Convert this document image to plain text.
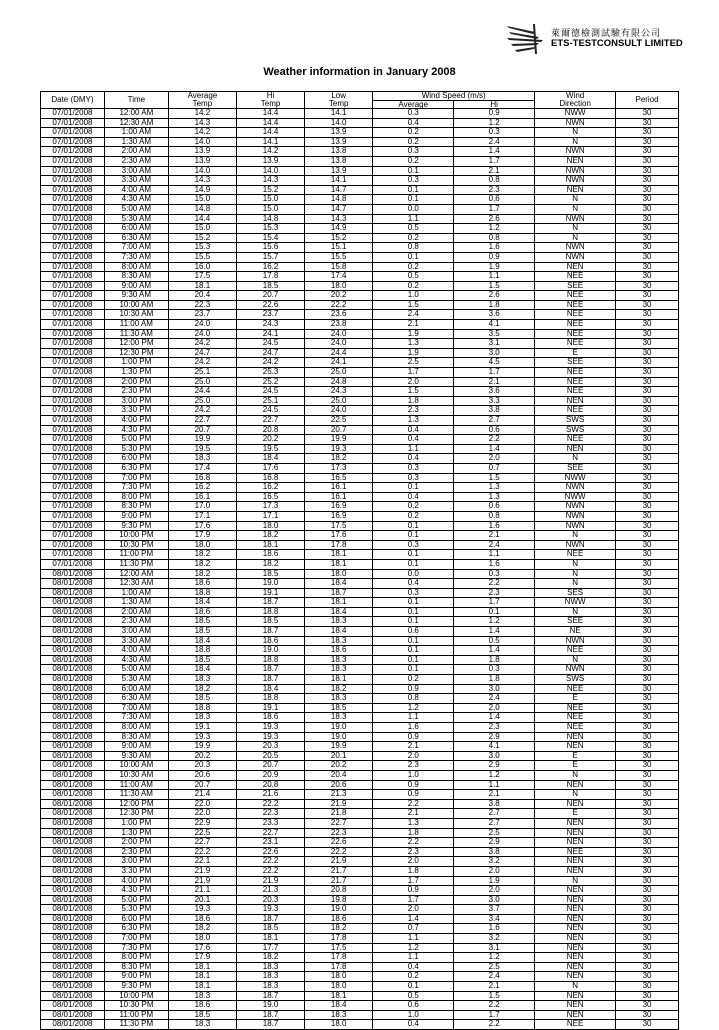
萊爾德檢測試驗有限公司
ETS-TESTCONSULT LIMITED
Weather information in January 2008
Date (DMY)	Time	Average	Hi	Low	Wind Speed (m/s)		Wind	Period
		Temp	Temp	Temp	Average	Hi	Direction	
07/01/2008	12:00 AM	14.2	14.4	14.1	0.3	0.9	NWW	30
07/01/2008	12:30 AM	14.3	14.4	14.0	0.4	1.2	NWN	30
07/01/2008	1:00 AM	14.2	14.4	13.9	0.2	0.3	N	30
07/01/2008	1:30 AM	14.0	14.1	13.9	0.2	2.4	N	30
07/01/2008	2:00 AM	13.9	14.2	13.8	0.3	1.4	NWN	30
07/01/2008	2:30 AM	13.9	13.9	13.8	0.2	1.7	NEN	30
07/01/2008	3:00 AM	14.0	14.0	13.9	0.1	2.1	NWN	30
07/01/2008	3:30 AM	14.3	14.3	14.1	0.3	0.8	NWN	30
07/01/2008	4:00 AM	14.9	15.2	14.7	0.1	2.3	NEN	30
07/01/2008	4:30 AM	15.0	15.0	14.8	0.1	0.6	N	30
07/01/2008	5:00 AM	14.8	15.0	14.7	0.0	1.7	N	30
07/01/2008	5:30 AM	14.4	14.8	14.3	1.1	2.6	NWN	30
07/01/2008	6:00 AM	15.0	15.3	14.9	0.5	1.2	N	30
07/01/2008	6:30 AM	15.2	15.4	15.2	0.2	0.8	N	30
07/01/2008	7:00 AM	15.3	15.6	15.1	0.8	1.6	NWN	30
07/01/2008	7:30 AM	15.5	15.7	15.5	0.1	0.9	NWN	30
07/01/2008	8:00 AM	16.0	16.2	15.8	0.2	1.9	NEN	30
07/01/2008	8:30 AM	17.5	17.8	17.4	0.5	1.1	NEE	30
07/01/2008	9:00 AM	18.1	18.5	18.0	0.2	1.5	SEE	30
07/01/2008	9:30 AM	20.4	20.7	20.2	1.0	2.6	NEE	30
07/01/2008	10:00 AM	22.3	22.6	22.2	1.5	1.8	NEE	30
07/01/2008	10:30 AM	23.7	23.7	23.6	2.4	3.6	NEE	30
07/01/2008	11:00 AM	24.0	24.3	23.8	2.1	4.1	NEE	30
07/01/2008	11:30 AM	24.0	24.1	24.0	1.9	3.5	NEE	30
07/01/2008	12:00 PM	24.2	24.5	24.0	1.3	3.1	NEE	30
07/01/2008	12:30 PM	24.7	24.7	24.4	1.9	3.0	E	30
07/01/2008	1:00 PM	24.2	24.2	24.1	2.5	4.5	SEE	30
07/01/2008	1:30 PM	25.1	25.3	25.0	1.7	1.7	NEE	30
07/01/2008	2:00 PM	25.0	25.2	24.8	2.0	2.1	NEE	30
07/01/2008	2:30 PM	24.4	24.5	24.3	1.5	3.6	NEE	30
07/01/2008	3:00 PM	25.0	25.1	25.0	1.8	3.3	NEN	30
07/01/2008	3:30 PM	24.2	24.5	24.0	2.3	3.8	NEE	30
07/01/2008	4:00 PM	22.7	22.7	22.5	1.3	2.7	SWS	30
07/01/2008	4:30 PM	20.7	20.8	20.7	0.4	0.6	SWS	30
07/01/2008	5:00 PM	19.9	20.2	19.9	0.4	2.2	NEE	30
07/01/2008	5:30 PM	19.5	19.5	19.3	1.1	1.4	NEN	30
07/01/2008	6:00 PM	18.3	18.4	18.2	0.4	2.0	N	30
07/01/2008	6:30 PM	17.4	17.6	17.3	0.3	0.7	SEE	30
07/01/2008	7:00 PM	16.8	16.8	16.5	0.3	1.5	NWW	30
07/01/2008	7:30 PM	16.2	16.2	16.1	0.1	1.3	NWN	30
07/01/2008	8:00 PM	16.1	16.5	16.1	0.4	1.3	NWW	30
07/01/2008	8:30 PM	17.0	17.3	16.9	0.2	0.6	NWN	30
07/01/2008	9:00 PM	17.1	17.1	16.9	0.2	0.8	NWN	30
07/01/2008	9:30 PM	17.6	18.0	17.5	0.1	1.6	NWN	30
07/01/2008	10:00 PM	17.9	18.2	17.6	0.1	2.1	N	30
07/01/2008	10:30 PM	18.0	18.1	17.8	0.3	2.4	NWN	30
07/01/2008	11:00 PM	18.2	18.6	18.1	0.1	1.1	NEE	30
07/01/2008	11:30 PM	18.2	18.2	18.1	0.1	1.6	N	30
08/01/2008	12:00 AM	18.2	18.5	18.0	0.0	0.3	N	30
08/01/2008	12:30 AM	18.6	19.0	18.4	0.4	2.2	N	30
08/01/2008	1:00 AM	18.8	19.1	18.7	0.3	2.3	SES	30
08/01/2008	1:30 AM	18.4	18.7	18.1	0.1	1.7	NWW	30
08/01/2008	2:00 AM	18.6	18.8	18.4	0.1	0.1	N	30
08/01/2008	2:30 AM	18.5	18.5	18.3	0.1	1.2	SEE	30
08/01/2008	3:00 AM	18.5	18.7	18.4	0.6	1.4	NE	30
08/01/2008	3:30 AM	18.4	18.6	18.3	0.1	0.5	NWN	30
08/01/2008	4:00 AM	18.8	19.0	18.6	0.1	1.4	NEE	30
08/01/2008	4:30 AM	18.5	18.8	18.3	0.1	1.8	N	30
08/01/2008	5:00 AM	18.4	18.7	18.3	0.1	0.3	NWN	30
08/01/2008	5:30 AM	18.3	18.7	18.1	0.2	1.8	SWS	30
08/01/2008	6:00 AM	18.2	18.4	18.2	0.9	3.0	NEE	30
08/01/2008	6:30 AM	18.5	18.8	18.3	0.8	2.4	E	30
08/01/2008	7:00 AM	18.8	19.1	18.5	1.2	2.0	NEE	30
08/01/2008	7:30 AM	18.3	18.6	18.3	1.1	1.4	NEE	30
08/01/2008	8:00 AM	19.1	19.3	19.0	1.6	2.3	NEE	30
08/01/2008	8:30 AM	19.3	19.3	19.0	0.9	2.9	NEN	30
08/01/2008	9:00 AM	19.9	20.3	19.9	2.1	4.1	NEN	30
08/01/2008	9:30 AM	20.2	20.5	20.1	2.0	3.0	E	30
08/01/2008	10:00 AM	20.3	20.7	20.2	2.3	2.9	E	30
08/01/2008	10:30 AM	20.6	20.9	20.4	1.0	1.2	N	30
08/01/2008	11:00 AM	20.7	20.8	20.6	0.9	1.1	NEN	30
08/01/2008	11:30 AM	21.4	21.6	21.3	0.9	2.1	N	30
08/01/2008	12:00 PM	22.0	22.2	21.9	2.2	3.8	NEN	30
08/01/2008	12:30 PM	22.0	22.3	21.8	2.1	2.7	E	30
08/01/2008	1:00 PM	22.9	23.3	22.7	1.3	2.7	NEN	30
08/01/2008	1:30 PM	22.5	22.7	22.3	1.8	2.5	NEN	30
08/01/2008	2:00 PM	22.7	23.1	22.6	2.2	2.9	NEN	30
08/01/2008	2:30 PM	22.2	22.6	22.2	2.3	3.8	NEE	30
08/01/2008	3:00 PM	22.1	22.2	21.9	2.0	3.2	NEN	30
08/01/2008	3:30 PM	21.9	22.2	21.7	1.8	2.0	NEN	30
08/01/2008	4:00 PM	21.9	21.9	21.7	1.7	1.9	N	30
08/01/2008	4:30 PM	21.1	21.3	20.8	0.9	2.0	NEN	30
08/01/2008	5:00 PM	20.1	20.3	19.8	1.7	3.0	NEN	30
08/01/2008	5:30 PM	19.3	19.3	19.0	2.0	3.7	NEN	30
08/01/2008	6:00 PM	18.6	18.7	18.6	1.4	3.4	NEN	30
08/01/2008	6:30 PM	18.2	18.5	18.2	0.7	1.6	NEN	30
08/01/2008	7:00 PM	18.0	18.1	17.8	1.1	3.2	NEN	30
08/01/2008	7:30 PM	17.6	17.7	17.5	1.2	3.1	NEN	30
08/01/2008	8:00 PM	17.9	18.2	17.8	1.1	1.2	NEN	30
08/01/2008	8:30 PM	18.1	18.3	17.8	0.4	2.5	NEN	30
08/01/2008	9:00 PM	18.1	18.3	18.0	0.2	2.4	NEN	30
08/01/2008	9:30 PM	18.1	18.3	18.0	0.1	2.1	N	30
08/01/2008	10:00 PM	18.3	18.7	18.1	0.5	1.5	NEN	30
08/01/2008	10:30 PM	18.6	19.0	18.4	0.6	2.2	NEN	30
08/01/2008	11:00 PM	18.5	18.7	18.3	1.0	1.7	NEN	30
08/01/2008	11:30 PM	18.3	18.7	18.0	0.4	2.2	NEE	30
